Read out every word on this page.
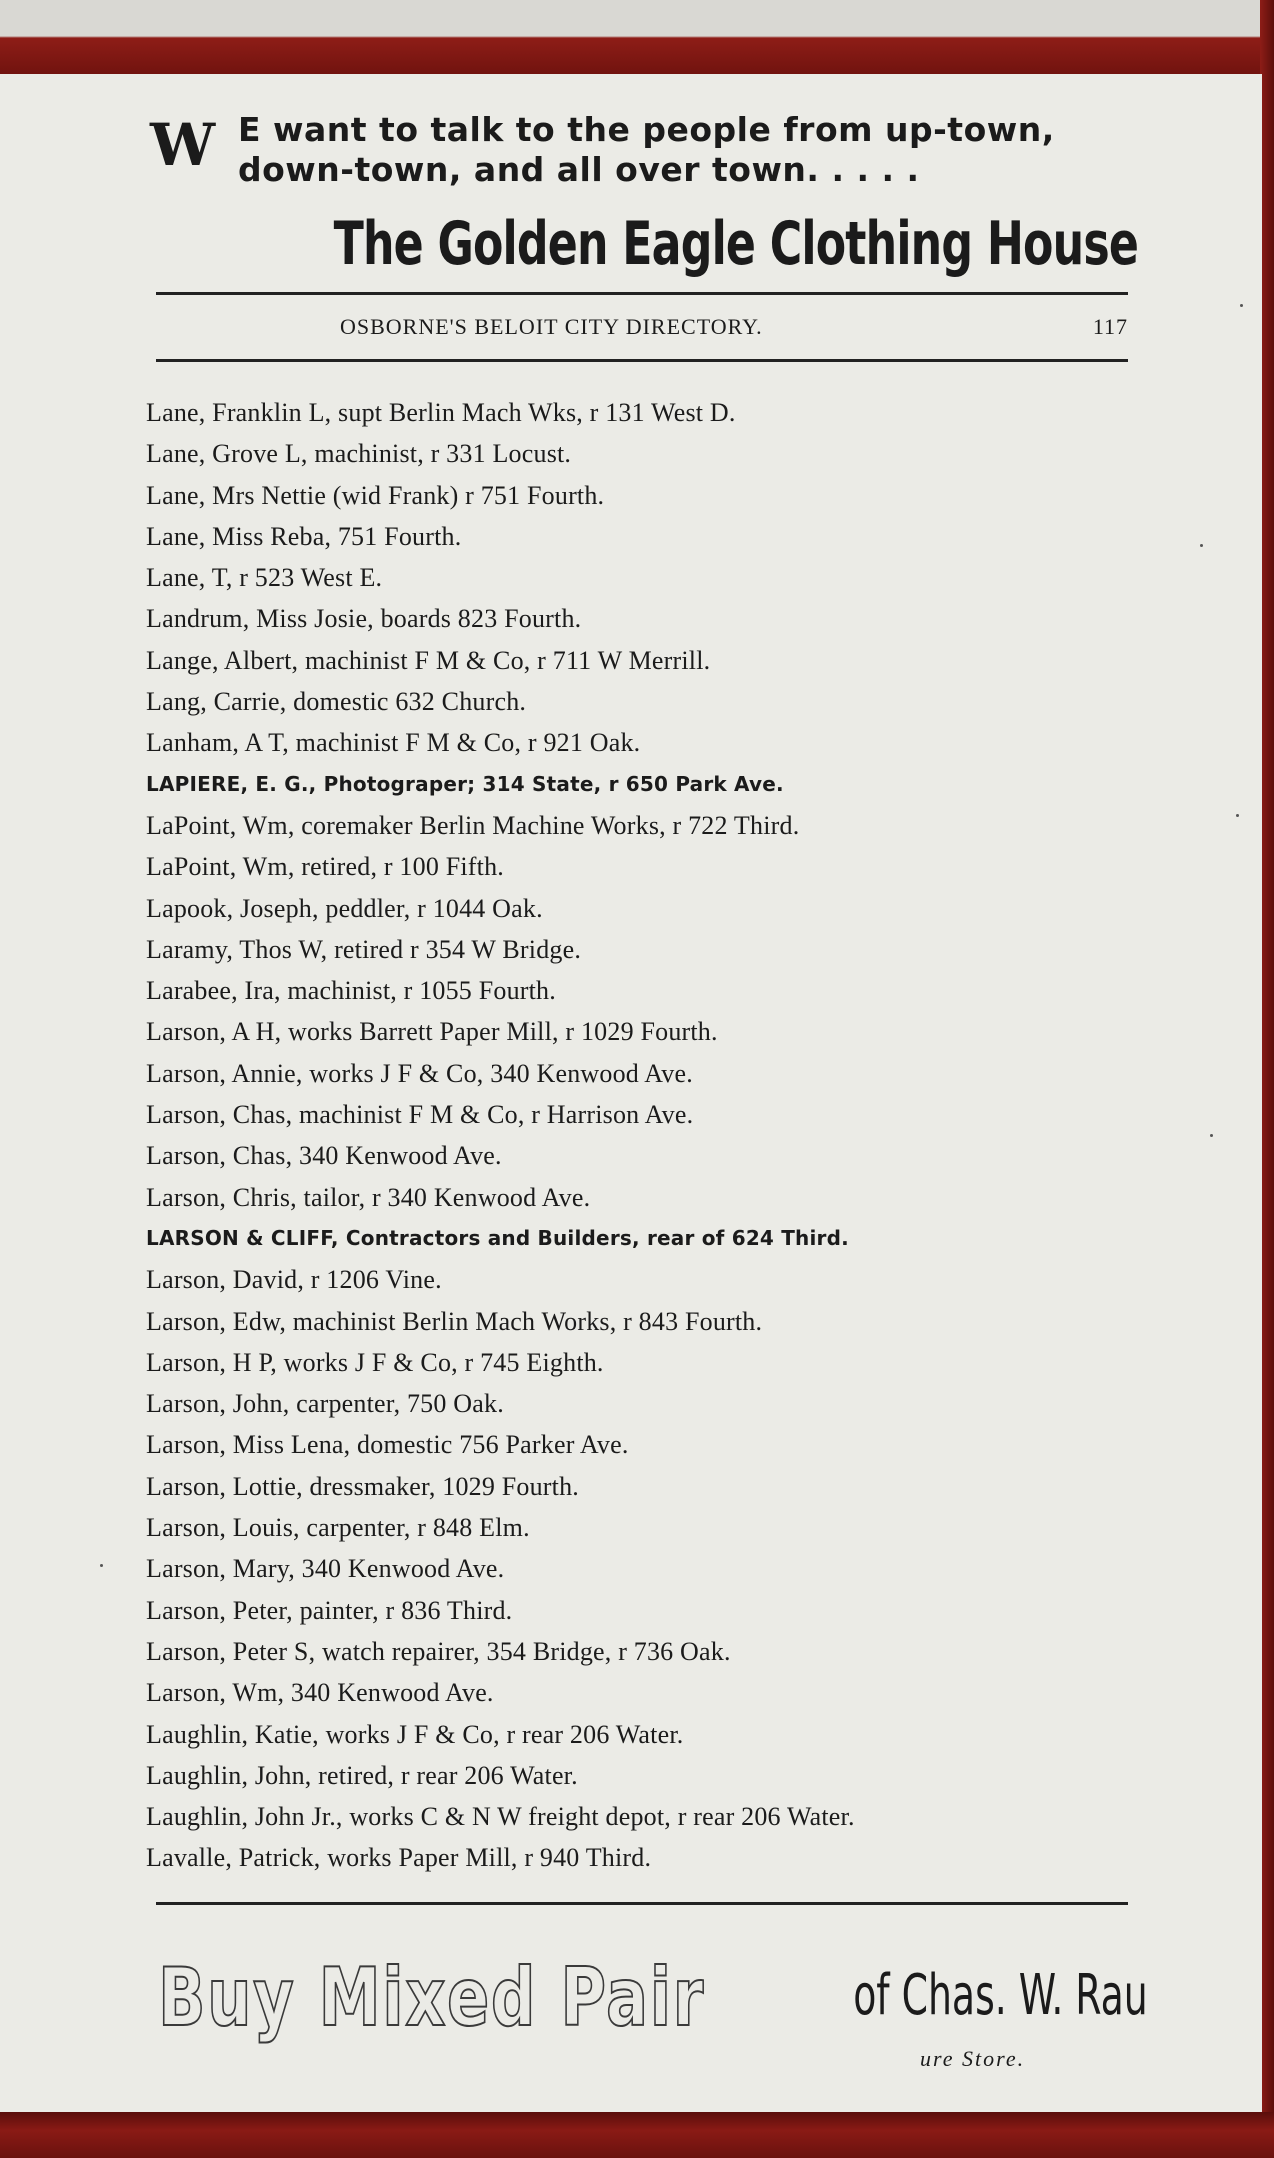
W E want to talk to the people from up-town,
down-town, and all over town. . . . .
The Golden Eagle Clothing House
OSBORNE'S BELOIT CITY DIRECTORY.	117
Lane, Franklin L, supt Berlin Mach Wks, r 131 West D.
Lane, Grove L, machinist, r 331 Locust.
Lane, Mrs Nettie (wid Frank) r 751 Fourth.
Lane, Miss Reba, 751 Fourth.
Lane, T, r 523 West E.
Landrum, Miss Josie, boards 823 Fourth.
Lange, Albert, machinist F M & Co, r 711 W Merrill.
Lang, Carrie, domestic 632 Church.
Lanham, A T, machinist F M & Co, r 921 Oak.
LAPIERE, E. G., Photograper; 314 State, r 650 Park Ave.
LaPoint, Wm, coremaker Berlin Machine Works, r 722 Third.
LaPoint, Wm, retired, r 100 Fifth.
Lapook, Joseph, peddler, r 1044 Oak.
Laramy, Thos W, retired r 354 W Bridge.
Larabee, Ira, machinist, r 1055 Fourth.
Larson, A H, works Barrett Paper Mill, r 1029 Fourth.
Larson, Annie, works J F & Co, 340 Kenwood Ave.
Larson, Chas, machinist F M & Co, r Harrison Ave.
Larson, Chas, 340 Kenwood Ave.
Larson, Chris, tailor, r 340 Kenwood Ave.
LARSON & CLIFF, Contractors and Builders, rear of 624 Third.
Larson, David, r 1206 Vine.
Larson, Edw, machinist Berlin Mach Works, r 843 Fourth.
Larson, H P, works J F & Co, r 745 Eighth.
Larson, John, carpenter, 750 Oak.
Larson, Miss Lena, domestic 756 Parker Ave.
Larson, Lottie, dressmaker, 1029 Fourth.
Larson, Louis, carpenter, r 848 Elm.
Larson, Mary, 340 Kenwood Ave.
Larson, Peter, painter, r 836 Third.
Larson, Peter S, watch repairer, 354 Bridge, r 736 Oak.
Larson, Wm, 340 Kenwood Ave.
Laughlin, Katie, works J F & Co, r rear 206 Water.
Laughlin, John, retired, r rear 206 Water.
Laughlin, John Jr., works C & N W freight depot, r rear 206 Water.
Lavalle, Patrick, works Paper Mill, r 940 Third.
Buy Mixed Pair	of Chas. W. Rau
ure Store.
